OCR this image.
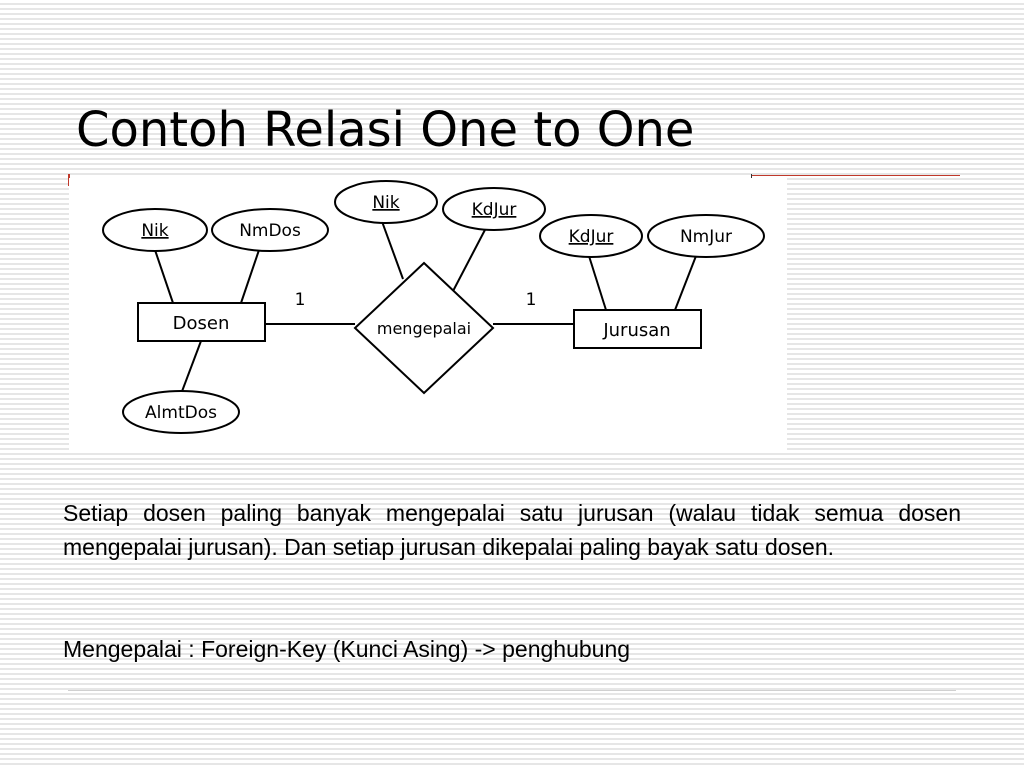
Contoh Relasi One to One
Nik	NmDos
AlmtDos
Nik	KdJur
KdJur	NmJur
Dosen	Jurusan
mengepalai
1	1

Setiap dosen paling banyak mengepalai satu jurusan (walau tidak semua dosen mengepalai jurusan). Dan setiap jurusan dikepalai paling bayak satu dosen.

Mengepalai : Foreign-Key (Kunci Asing) -> penghubung
